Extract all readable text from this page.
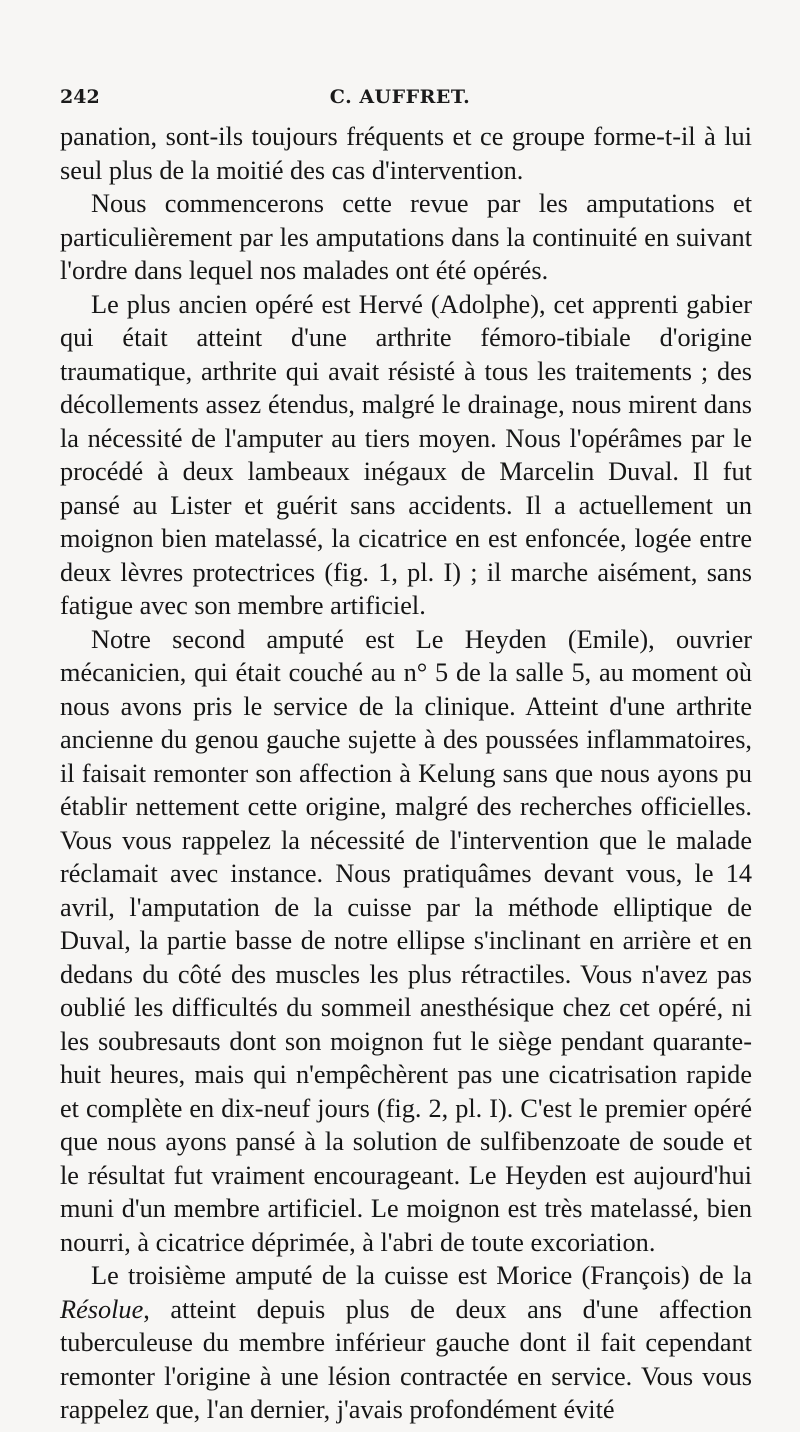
242	C. AUFFRET.

panation, sont-ils toujours fréquents et ce groupe forme-t-il à lui seul plus de la moitié des cas d'intervention.

Nous commencerons cette revue par les amputations et particulièrement par les amputations dans la continuité en suivant l'ordre dans lequel nos malades ont été opérés.

Le plus ancien opéré est Hervé (Adolphe), cet apprenti gabier qui était atteint d'une arthrite fémoro-tibiale d'origine traumatique, arthrite qui avait résisté à tous les traitements ; des décollements assez étendus, malgré le drainage, nous mirent dans la nécessité de l'amputer au tiers moyen. Nous l'opérâmes par le procédé à deux lambeaux inégaux de Marcelin Duval. Il fut pansé au Lister et guérit sans accidents. Il a actuellement un moignon bien matelassé, la cicatrice en est enfoncée, logée entre deux lèvres protectrices (fig. 1, pl. I) ; il marche aisément, sans fatigue avec son membre artificiel.

Notre second amputé est Le Heyden (Emile), ouvrier mécanicien, qui était couché au n° 5 de la salle 5, au moment où nous avons pris le service de la clinique. Atteint d'une arthrite ancienne du genou gauche sujette à des poussées inflammatoires, il faisait remonter son affection à Kelung sans que nous ayons pu établir nettement cette origine, malgré des recherches officielles. Vous vous rappelez la nécessité de l'intervention que le malade réclamait avec instance. Nous pratiquâmes devant vous, le 14 avril, l'amputation de la cuisse par la méthode elliptique de Duval, la partie basse de notre ellipse s'inclinant en arrière et en dedans du côté des muscles les plus rétractiles. Vous n'avez pas oublié les difficultés du sommeil anesthésique chez cet opéré, ni les soubresauts dont son moignon fut le siège pendant quarante-huit heures, mais qui n'empêchèrent pas une cicatrisation rapide et complète en dix-neuf jours (fig. 2, pl. I). C'est le premier opéré que nous ayons pansé à la solution de sulfibenzoate de soude et le résultat fut vraiment encourageant. Le Heyden est aujourd'hui muni d'un membre artificiel. Le moignon est très matelassé, bien nourri, à cicatrice déprimée, à l'abri de toute excoriation.

Le troisième amputé de la cuisse est Morice (François) de la Résolue, atteint depuis plus de deux ans d'une affection tuberculeuse du membre inférieur gauche dont il fait cependant remonter l'origine à une lésion contractée en service. Vous vous rappelez que, l'an dernier, j'avais profondément évité
